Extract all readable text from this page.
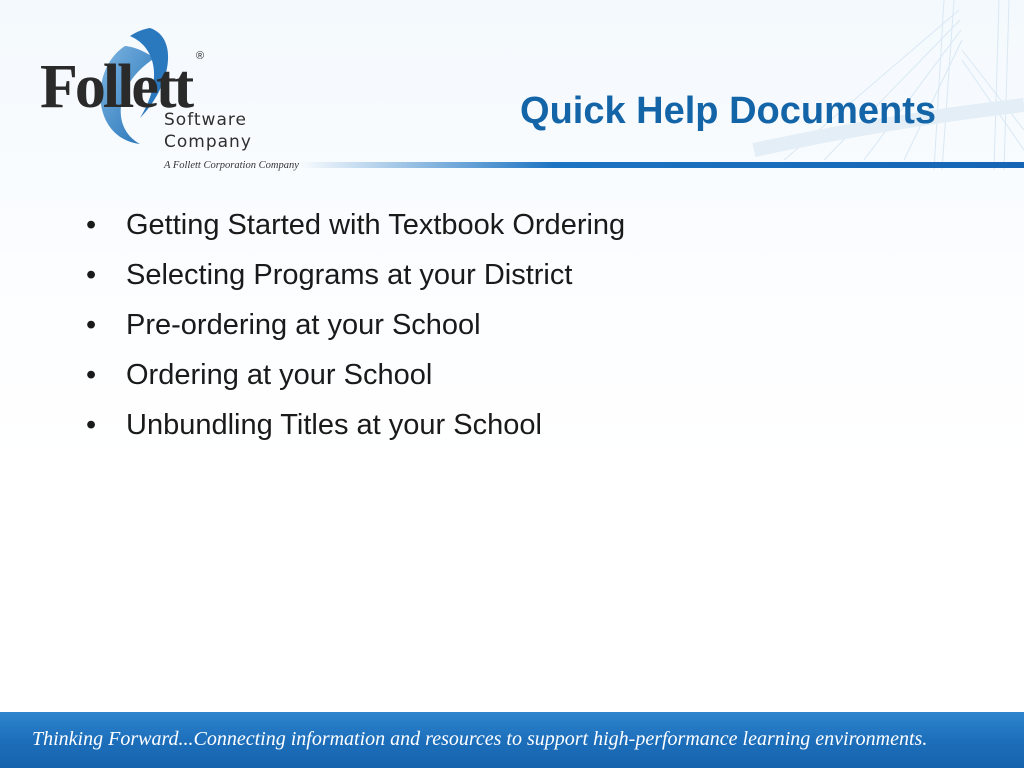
Follett ®
Software
Company
A Follett Corporation Company
Quick Help Documents
• Getting Started with Textbook Ordering
• Selecting Programs at your District
• Pre-ordering at your School
• Ordering at your School
• Unbundling Titles at your School
Thinking Forward...Connecting information and resources to support high-performance learning environments.
